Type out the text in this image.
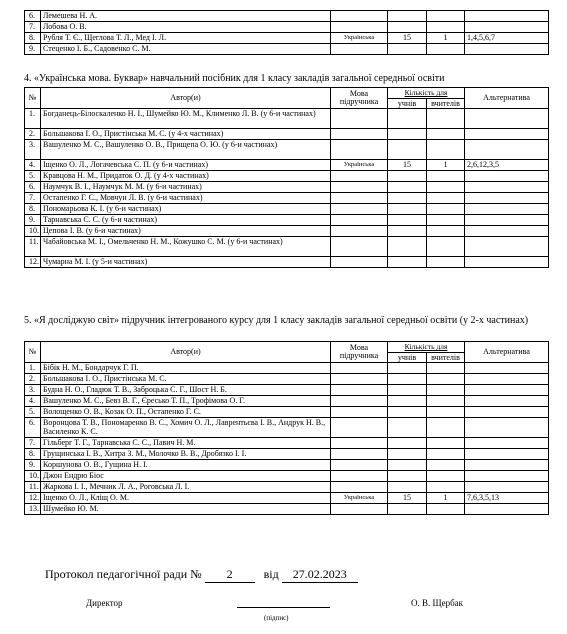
6.	Лемешева Н. А.				
7.	Лобова О. В.				
8.	Рубля Т. Є., Щеглова Т. Л., Мед І. Л.	Українська	15	1	1,4,5,6,7
9.	Стеценко І. Б., Садовенко С. М.				
4. «Українська мова. Буквар» навчальний посібник для 1 класу закладів загальної середньої освіти
№	Автор(и)	Мова підручника	Кількість для		Альтернатива
			учнів	вчителів	
1.	Богданець-Білоскаленко Н. І., Шумейко Ю. М., Клименко Л. В. (у 6-и частинах)				
2.	Большакова І. О., Пристінська М. С. (у 4-х частинах)				
3.	Вашуленко М. С., Вашуленко О. В., Прищепа О. Ю. (у 6-и частинах)				
4.	Іщенко О. Л., Логачевська С. П. (у 6-и частинах)	Українська	15	1	2,6,12,3,5
5.	Кравцова Н. М., Придаток О. Д. (у 4-х частинах)				
6.	Наумчук В. І., Наумчук М. М. (у 6-и частинах)				
7.	Остапенко Г. С., Мовчун Л. В. (у 6-и частинах)				
8.	Пономарьова К. І. (у 6-и частинах)				
9.	Тарнавська С. С. (у 6-и частинах)				
10.	Цепова І. В. (у 6-и частинах)				
11.	Чабайовська М. І., Омельченко Н. М., Кожушко С. М. (у 6-и частинах)				
12.	Чумарна М. І. (у 5-и частинах)				
5. «Я досліджую світ» підручник інтегрованого курсу для 1 класу закладів загальної середньої освіти (у 2-х частинах)
№	Автор(и)	Мова підручника	Кількість для		Альтернатива
			учнів	вчителів	
1.	Бібік Н. М., Бондарчук Г. П.				
2.	Большакова І. О., Пристінська М. С.				
3.	Будна Н. О., Гладюк Т. В., Заброцька С. Г., Шост Н. Б.				
4.	Вашуленко М. С., Бевз В. Г., Єресько Т. П., Трофімова О. Г.				
5.	Волощенко О. В., Козак О. П., Остапенко Г. С.				
6.	Воронцова Т. В., Пономаренко В. С., Хомич О. Л., Лаврентьєва І. В., Андрук Н. В., Василенко К. С.				
7.	Гільберг Т. Г., Тарнавська С. С., Павич Н. М.				
8.	Грущинська І. В., Хитра З. М., Молочко В. В., Дробязко І. І.				
9.	Коршунова О. В., Гущина Н. І.				
10.	Джон Ендрю Біос				
11.	Жаркова І. І., Мечник Л. А., Роговська Л. І.				
12.	Іщенко О. Л., Кліщ О. М.	Українська	15	1	7,6,3,5,13
13.	Шумейко Ю. М.				
Протокол педагогічної ради № 2	від 27.02.2023
Директор
(підпис)
О. В. Щербак
